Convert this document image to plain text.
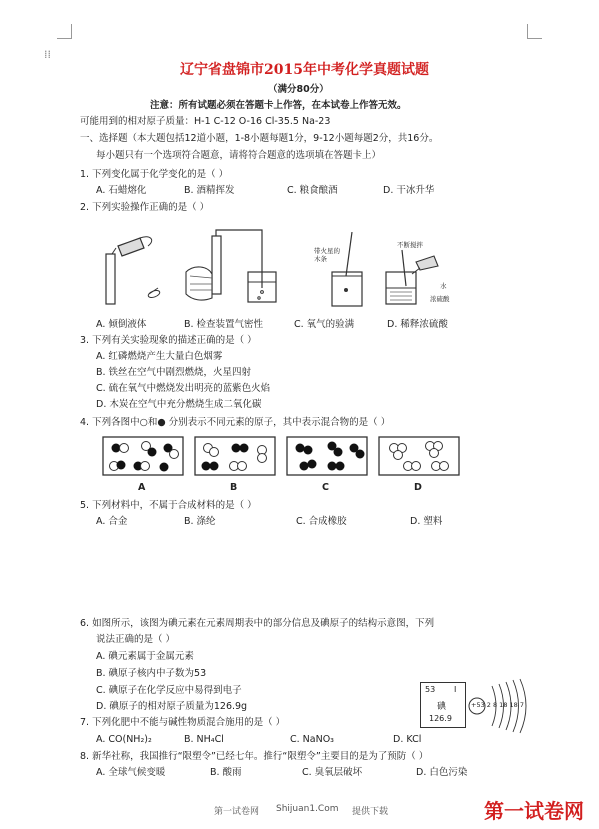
⁞⁞
辽宁省盘锦市2015年中考化学真题试题
（满分80分）
注意：所有试题必须在答题卡上作答，在本试卷上作答无效。
可能用到的相对原子质量：H-1 C-12 O-16 Cl-35.5 Na-23
一、选择题（本大题包括12道小题，1-8小题每题1分，9-12小题每题2分，共16分。
每小题只有一个选项符合题意，请将符合题意的选项填在答题卡上）
1. 下列变化属于化学变化的是（ ）
A. 石蜡熔化	B. 酒精挥发	C. 粮食酿酒	D. 干冰升华
2. 下列实验操作正确的是（ ）
带火星的木条
不断搅拌
水
浓硫酸
A. 倾倒液体	B. 检查装置气密性	C. 氧气的验满	D. 稀释浓硫酸
3. 下列有关实验现象的描述正确的是（ ）
A. 红磷燃烧产生大量白色烟雾
B. 铁丝在空气中剧烈燃烧，火星四射
C. 硫在氧气中燃烧发出明亮的蓝紫色火焰
D. 木炭在空气中充分燃烧生成二氧化碳
4. 下列各图中○和● 分别表示不同元素的原子，其中表示混合物的是（ ）
A	B	C	D
5. 下列材料中，不属于合成材料的是（ ）
A. 合金	B. 涤纶	C. 合成橡胶	D. 塑料
6. 如图所示，该图为碘元素在元素周期表中的部分信息及碘原子的结构示意图，下列
说法正确的是（ ）
A. 碘元素属于金属元素
B. 碘原子核内中子数为53
C. 碘原子在化学反应中易得到电子
D. 碘原子的相对原子质量为126.9g
53 I
碘
126.9
+53 2 8 18 18 7
7. 下列化肥中不能与碱性物质混合施用的是（ ）
A. CO(NH₂)₂	B. NH₄Cl	C. NaNO₃	D. KCl
8. 新华社称，我国推行“限塑令”已经七年。推行“限塑令”主要目的是为了预防（ ）
A. 全球气候变暖	B. 酸雨	C. 臭氧层破坏	D. 白色污染
第一试卷网 Shijuan1.Com 提供下载	第一试卷网
